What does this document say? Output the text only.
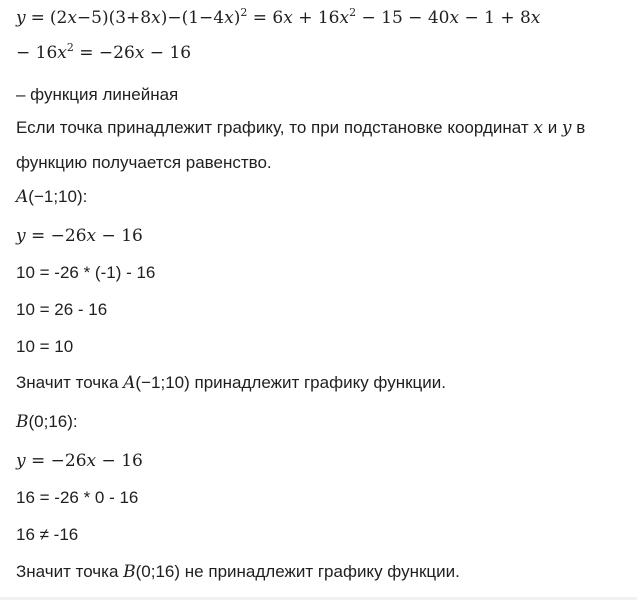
$y = (2x-5)(3+8x)-(1-4x)^2 = 6x + 16x^2 - 15 - 40x - 1 + 8x$
− $16x^2 = -26x - 16$
– функция линейная
Если точка принадлежит графику, то при подстановке координат x и y в
функцию получается равенство.
A(−1;10):
y = −26x − 16
10 = -26 * (-1) - 16
10 = 26 - 16
10 = 10
Значит точка A(−1;10) принадлежит графику функции.
B(0;16):
y = −26x − 16
16 = -26 * 0 - 16
16 ≠ -16
Значит точка B(0;16) не принадлежит графику функции.
